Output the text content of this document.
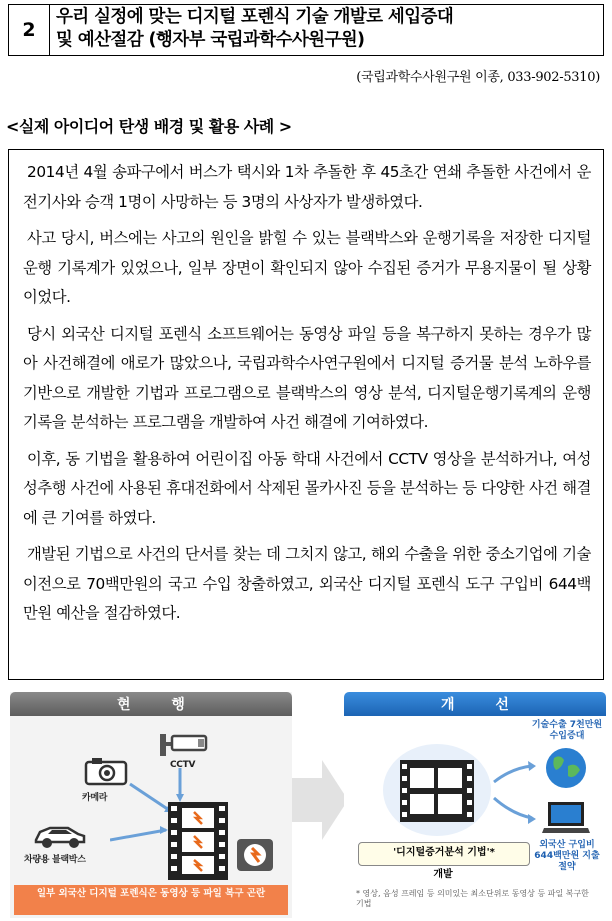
2
우리 실정에 맞는 디지털 포렌식 기술 개발로 세입증대
및 예산절감 (행자부 국립과학수사원구원)
(국립과학수사원구원 이종, 033-902-5310)
<실제 아이디어 탄생 배경 및 활용 사례 >

2014년 4월 송파구에서 버스가 택시와 1차 추돌한 후 45초간 연쇄 추돌한 사건에서 운전기사와 승객 1명이 사망하는 등 3명의 사상자가 발생하였다.

사고 당시, 버스에는 사고의 원인을 밝힐 수 있는 블랙박스와 운행기록을 저장한 디지털운행 기록계가 있었으나, 일부 장면이 확인되지 않아 수집된 증거가 무용지물이 될 상황이었다.

당시 외국산 디지털 포렌식 소프트웨어는 동영상 파일 등을 복구하지 못하는 경우가 많아 사건해결에 애로가 많았으나, 국립과학수사연구원에서 디지털 증거물 분석 노하우를 기반으로 개발한 기법과 프로그램으로 블랙박스의 영상 분석, 디지털운행기록계의 운행기록을 분석하는 프로그램을 개발하여 사건 해결에 기여하였다.

이후, 동 기법을 활용하여 어린이집 아동 학대 사건에서 CCTV 영상을 분석하거나, 여성 성추행 사건에 사용된 휴대전화에서 삭제된 몰카사진 등을 분석하는 등 다양한 사건 해결에 큰 기여를 하였다.

개발된 기법으로 사건의 단서를 찾는 데 그치지 않고, 해외 수출을 위한 중소기업에 기술 이전으로 70백만원의 국고 수입 창출하였고, 외국산 디지털 포렌식 도구 구입비 644백만원 예산을 절감하였다.

현 행
카메라
CCTV
차량용 블랙박스
일부 외국산 디지털 포렌식은 동영상 등 파일 복구 곤란
개 선
기술수출 7천만원 수입증대
외국산 구입비 644백만원 지출절약
'디지털증거분석 기법'*
개발
* 영상, 음성 프레임 등 의미있는 최소단위로 동영상 등 파일 복구한 기법
